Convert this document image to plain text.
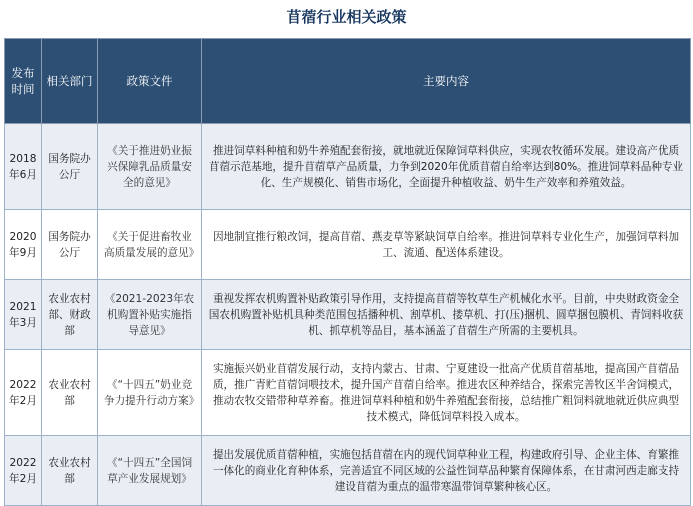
苜蓿行业相关政策
发布时间	相关部门	政策文件	主要内容
2018年6月	国务院办公厅	《关于推进奶业振兴保障乳品质量安全的意见》	推进饲草料种植和奶牛养殖配套衔接，就地就近保障饲草料供应，实现农牧循环发展。建设高产优质苜蓿示范基地，提升苜蓿草产品质量，力争到2020年优质苜蓿自给率达到80%。推进饲草料品种专业化、生产规模化、销售市场化，全面提升种植收益、奶牛生产效率和养殖效益。
2020年9月	国务院办公厅	《关于促进畜牧业高质量发展的意见》	因地制宜推行粮改饲，提高苜蓿、燕麦草等紧缺饲草自给率。推进饲草料专业化生产，加强饲草料加工、流通、配送体系建设。
2021年3月	农业农村部、财政部	《2021-2023年农机购置补贴实施指导意见》	重视发挥农机购置补贴政策引导作用，支持提高苜蓿等牧草生产机械化水平。目前，中央财政资金全国农机购置补贴机具种类范围包括播种机、割草机、搂草机、打(压)捆机、圆草捆包膜机、青饲料收获机、抓草机等品目，基本涵盖了苜蓿生产所需的主要机具。
2022年2月	农业农村部	《“十四五”奶业竞争力提升行动方案》	实施振兴奶业苜蓿发展行动，支持内蒙古、甘肃、宁夏建设一批高产优质苜蓿基地，提高国产苜蓿品质，推广青贮苜蓿饲喂技术，提升国产苜蓿自给率。推进农区种养结合，探索完善牧区半舍饲模式，推动农牧交错带种草养畜。推进饲草料种植和奶牛养殖配套衔接，总结推广粗饲料就地就近供应典型技术模式，降低饲草料投入成本。
2022年2月	农业农村部	《“十四五”全国饲草产业发展规划》	提出发展优质苜蓿种植，实施包括苜蓿在内的现代饲草种业工程，构建政府引导、企业主体、育繁推一体化的商业化育种体系，完善适宜不同区域的公益性饲草品种繁育保障体系，在甘肃河西走廊支持建设苜蓿为重点的温带寒温带饲草繁种核心区。
